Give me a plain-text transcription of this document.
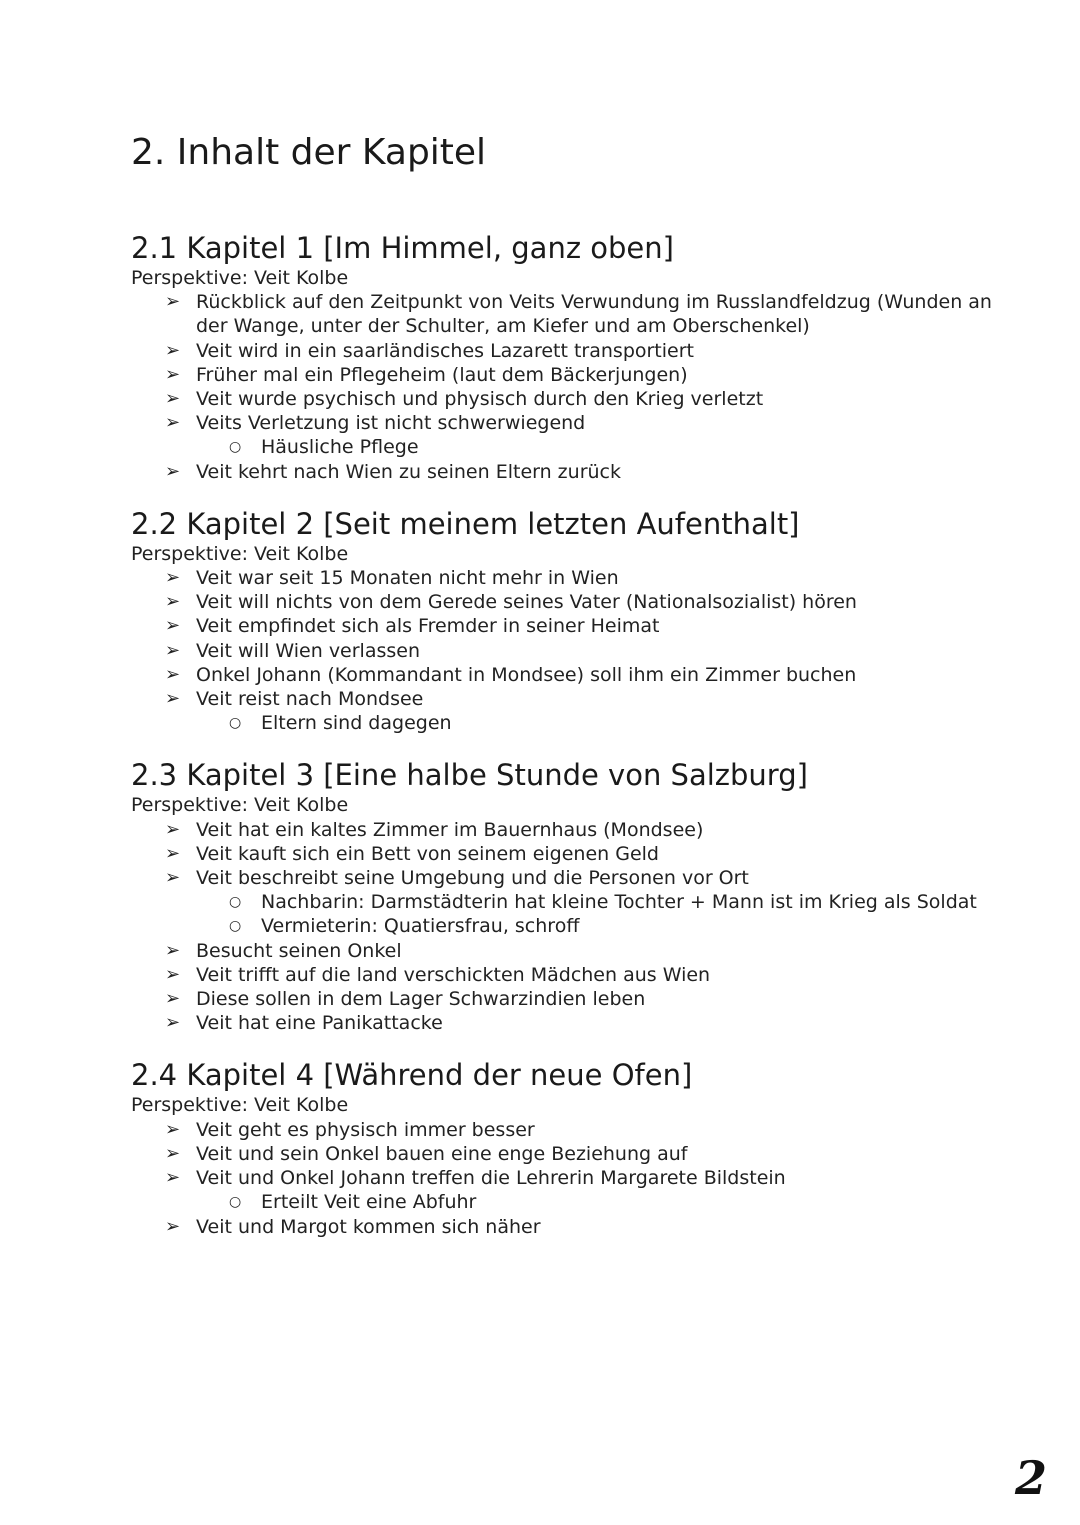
2. Inhalt der Kapitel
2.1 Kapitel 1 [Im Himmel, ganz oben]

Perspektive: Veit Kolbe

➢ Rückblick auf den Zeitpunkt von Veits Verwundung im Russlandfeldzug (Wunden an der Wange, unter der Schulter, am Kiefer und am Oberschenkel)
➢ Veit wird in ein saarländisches Lazarett transportiert
➢ Früher mal ein Pflegeheim (laut dem Bäckerjungen)
➢ Veit wurde psychisch und physisch durch den Krieg verletzt
➢ Veits Verletzung ist nicht schwerwiegend
○ Häusliche Pflege
➢ Veit kehrt nach Wien zu seinen Eltern zurück
2.2 Kapitel 2 [Seit meinem letzten Aufenthalt]

Perspektive: Veit Kolbe

➢ Veit war seit 15 Monaten nicht mehr in Wien
➢ Veit will nichts von dem Gerede seines Vater (Nationalsozialist) hören
➢ Veit empfindet sich als Fremder in seiner Heimat
➢ Veit will Wien verlassen
➢ Onkel Johann (Kommandant in Mondsee) soll ihm ein Zimmer buchen
➢ Veit reist nach Mondsee
○ Eltern sind dagegen
2.3 Kapitel 3 [Eine halbe Stunde von Salzburg]

Perspektive: Veit Kolbe

➢ Veit hat ein kaltes Zimmer im Bauernhaus (Mondsee)
➢ Veit kauft sich ein Bett von seinem eigenen Geld
➢ Veit beschreibt seine Umgebung und die Personen vor Ort
○ Nachbarin: Darmstädterin hat kleine Tochter + Mann ist im Krieg als Soldat
○ Vermieterin: Quatiersfrau, schroff
➢ Besucht seinen Onkel
➢ Veit trifft auf die land verschickten Mädchen aus Wien
➢ Diese sollen in dem Lager Schwarzindien leben
➢ Veit hat eine Panikattacke
2.4 Kapitel 4 [Während der neue Ofen]

Perspektive: Veit Kolbe

➢ Veit geht es physisch immer besser
➢ Veit und sein Onkel bauen eine enge Beziehung auf
➢ Veit und Onkel Johann treffen die Lehrerin Margarete Bildstein
○ Erteilt Veit eine Abfuhr
➢ Veit und Margot kommen sich näher
2
